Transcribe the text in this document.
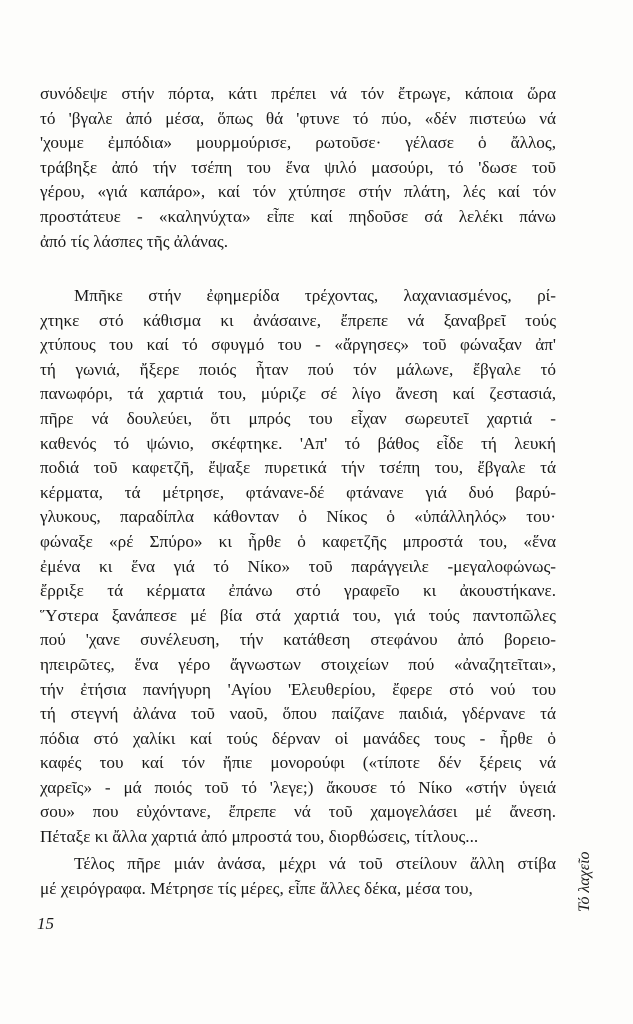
συνόδεψε στήν πόρτα, κάτι πρέπει νά τόν ἔτρωγε, κάποια ὥρα
τό 'βγαλε ἀπό μέσα, ὅπως θά 'φτυνε τό πύο, «δέν πιστεύω νά
'χουμε ἐμπόδια» μουρμούρισε, ρωτοῦσε· γέλασε ὁ ἄλλος,
τράβηξε ἀπό τήν τσέπη του ἕνα ψιλό μασούρι, τό 'δωσε τοῦ
γέρου, «γιά καπάρο», καί τόν χτύπησε στήν πλάτη, λές καί τόν
προστάτευε - «καληνύχτα» εἶπε καί πηδοῦσε σά λελέκι πάνω
ἀπό τίς λάσπες τῆς ἀλάνας.

Μπῆκε στήν ἐφημερίδα τρέχοντας, λαχανιασμένος, ρί-
χτηκε στό κάθισμα κι ἀνάσαινε, ἔπρεπε νά ξαναβρεῖ τούς
χτύπους του καί τό σφυγμό του - «ἄργησες» τοῦ φώναξαν ἀπ'
τή γωνιά, ἤξερε ποιός ἦταν πού τόν μάλωνε, ἔβγαλε τό
πανωφόρι, τά χαρτιά του, μύριζε σέ λίγο ἄνεση καί ζεστασιά,
πῆρε νά δουλεύει, ὅτι μπρός του εἶχαν σωρευτεῖ χαρτιά -
καθενός τό ψώνιο, σκέφτηκε. 'Απ' τό βάθος εἶδε τή λευκή
ποδιά τοῦ καφετζῆ, ἔψαξε πυρετικά τήν τσέπη του, ἔβγαλε τά
κέρματα, τά μέτρησε, φτάνανε-δέ φτάνανε γιά δυό βαρύ-
γλυκους, παραδίπλα κάθονταν ὁ Νίκος ὁ «ὑπάλληλός» του·
φώναξε «ρέ Σπύρο» κι ἦρθε ὁ καφετζῆς μπροστά του, «ἕνα
ἐμένα κι ἕνα γιά τό Νίκο» τοῦ παράγγειλε -μεγαλοφώνως-
ἔρριξε τά κέρματα ἐπάνω στό γραφεῖο κι ἀκουστήκανε.
Ὕστερα ξανάπεσε μέ βία στά χαρτιά του, γιά τούς παντοπῶλες
πού 'χανε συνέλευση, τήν κατάθεση στεφάνου ἀπό βορειο-
ηπειρῶτες, ἕνα γέρο ἄγνωστων στοιχείων πού «ἀναζητεῖται»,
τήν ἐτήσια πανήγυρη 'Αγίου 'Ελευθερίου, ἔφερε στό νού του
τή στεγνή ἀλάνα τοῦ ναοῦ, ὅπου παίζανε παιδιά, γδέρνανε τά
πόδια στό χαλίκι καί τούς δέρναν οἱ μανάδες τους - ἦρθε ὁ
καφές του καί τόν ἤπιε μονορούφι («τίποτε δέν ξέρεις νά
χαρεῖς» - μά ποιός τοῦ τό 'λεγε;) ἄκουσε τό Νίκο «στήν ὑγειά
σου» που εὐχόντανε, ἔπρεπε νά τοῦ χαμογελάσει μέ ἄνεση.
Πέταξε κι ἄλλα χαρτιά ἀπό μπροστά του, διορθώσεις, τίτλους...

Τέλος πῆρε μιάν ἀνάσα, μέχρι νά τοῦ στείλουν ἄλλη στίβα
μέ χειρόγραφα. Μέτρησε τίς μέρες, εἶπε ἄλλες δέκα, μέσα του,

15
Τό λαχεῖο
